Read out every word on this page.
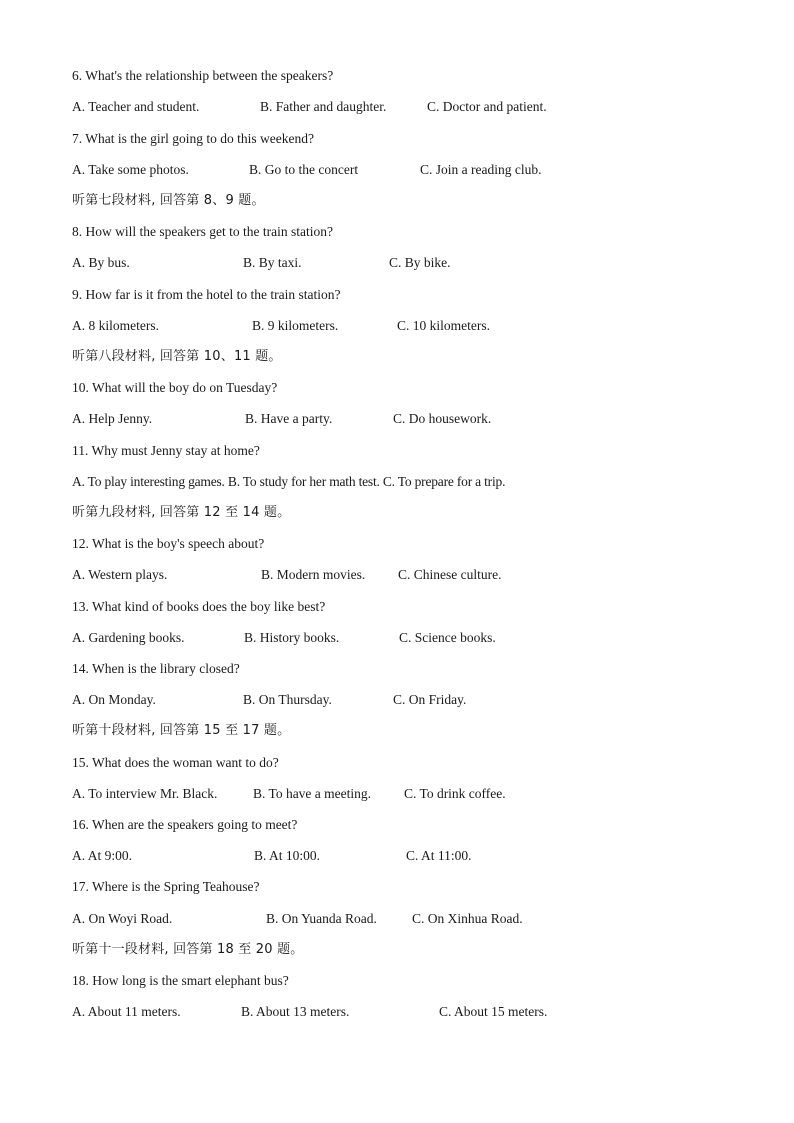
6. What's the relationship between the speakers?
A. Teacher and student.	B. Father and daughter.	C. Doctor and patient.
7. What is the girl going to do this weekend?
A. Take some photos.	B. Go to the concert	C. Join a reading club.
听第七段材料, 回答第 8、9 题。
8. How will the speakers get to the train station?
A. By bus.	B. By taxi.	C. By bike.
9. How far is it from the hotel to the train station?
A. 8 kilometers.	B. 9 kilometers.	C. 10 kilometers.
听第八段材料, 回答第 10、11 题。
10. What will the boy do on Tuesday?
A. Help Jenny.	B. Have a party.	C. Do housework.
11. Why must Jenny stay at home?
A. To play interesting games. B. To study for her math test. C. To prepare for a trip.
听第九段材料, 回答第 12 至 14 题。
12. What is the boy's speech about?
A. Western plays.	B. Modern movies. C. Chinese culture.
13. What kind of books does the boy like best?
A. Gardening books.	B. History books.	C. Science books.
14. When is the library closed?
A. On Monday.	B. On Thursday.	C. On Friday.
听第十段材料, 回答第 15 至 17 题。
15. What does the woman want to do?
A. To interview Mr. Black.	B. To have a meeting. C. To drink coffee.
16. When are the speakers going to meet?
A. At 9:00.	B. At 10:00.	C. At 11:00.
17. Where is the Spring Teahouse?
A. On Woyi Road.	B. On Yuanda Road.	C. On Xinhua Road.
听第十一段材料, 回答第 18 至 20 题。
18. How long is the smart elephant bus?
A. About 11 meters.	B. About 13 meters.	C. About 15 meters.
